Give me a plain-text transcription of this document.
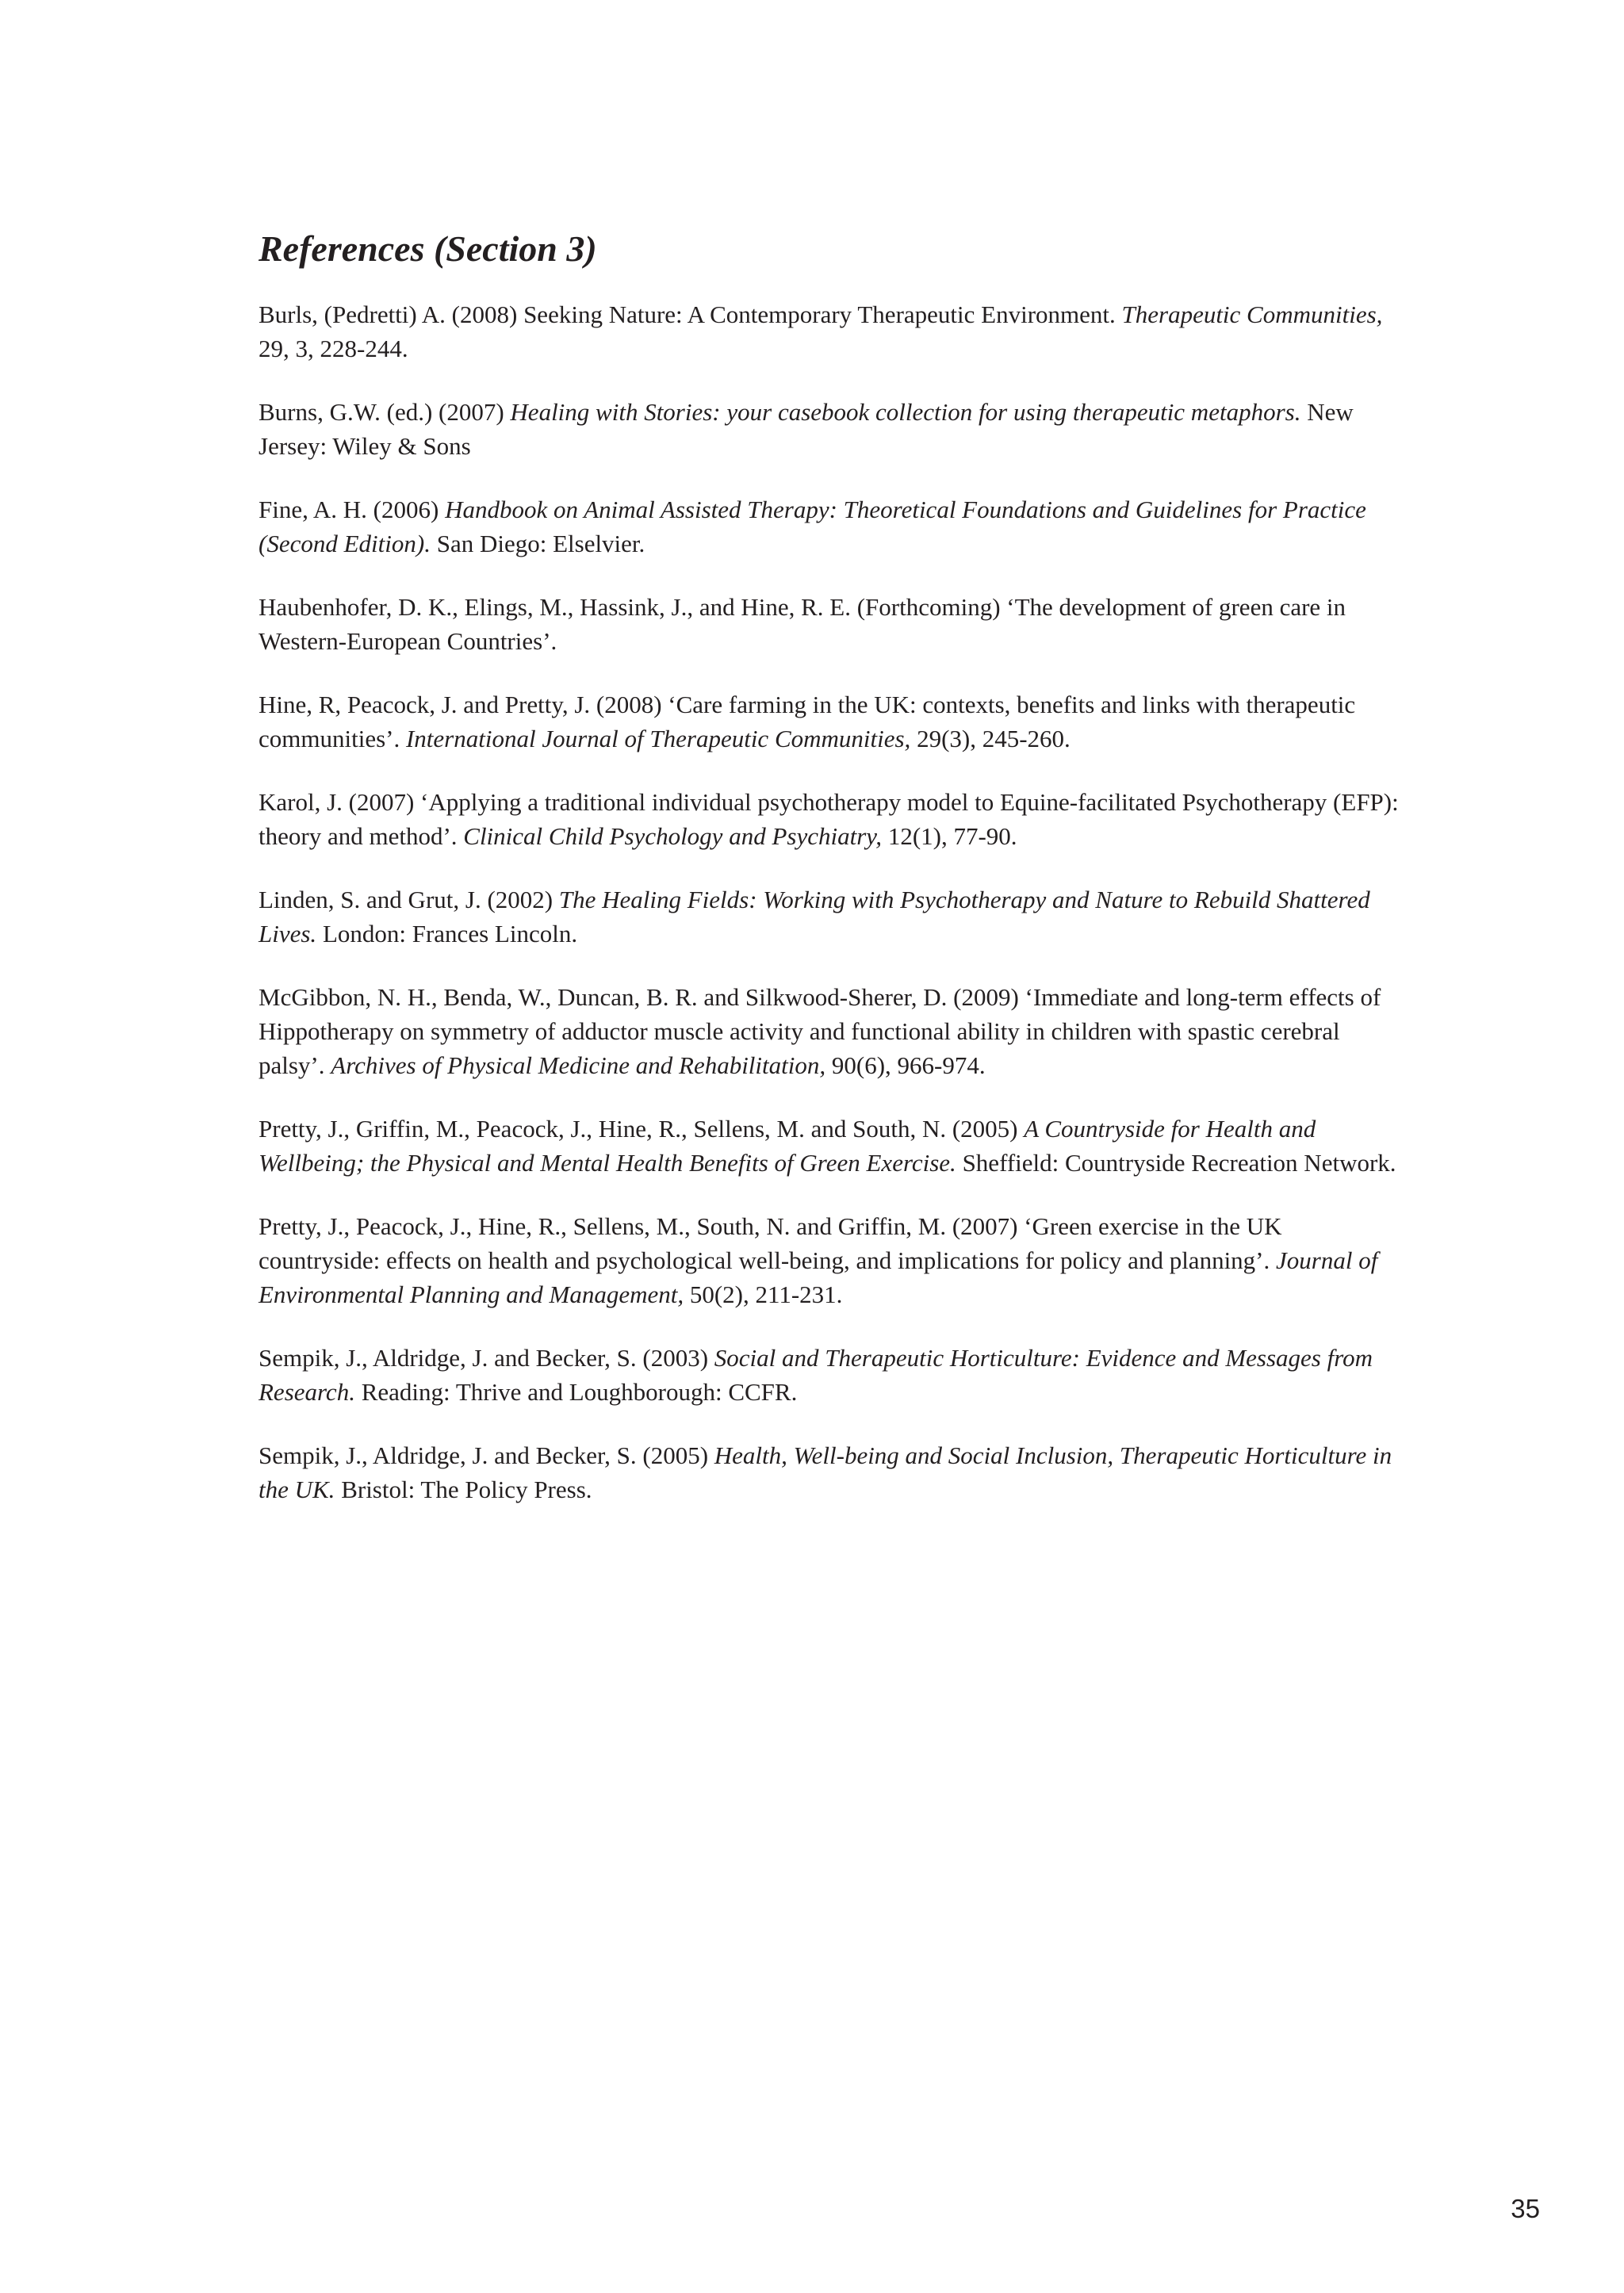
References (Section 3)
Burls, (Pedretti) A. (2008) Seeking Nature: A Contemporary Therapeutic Environment. Therapeutic Communities, 29, 3, 228-244.
Burns, G.W. (ed.) (2007) Healing with Stories: your casebook collection for using therapeutic metaphors. New Jersey: Wiley & Sons
Fine, A. H. (2006) Handbook on Animal Assisted Therapy: Theoretical Foundations and Guidelines for Practice (Second Edition). San Diego: Elselvier.
Haubenhofer, D. K., Elings, M., Hassink, J., and Hine, R. E. (Forthcoming) ‘The development of green care in Western-European Countries’.
Hine, R, Peacock, J. and Pretty, J. (2008) ‘Care farming in the UK: contexts, benefits and links with therapeutic communities’. International Journal of Therapeutic Communities, 29(3), 245-260.
Karol, J. (2007) ‘Applying a traditional individual psychotherapy model to Equine-facilitated Psychotherapy (EFP): theory and method’. Clinical Child Psychology and Psychiatry, 12(1), 77-90.
Linden, S. and Grut, J. (2002) The Healing Fields: Working with Psychotherapy and Nature to Rebuild Shattered Lives. London: Frances Lincoln.
McGibbon, N. H., Benda, W., Duncan, B. R. and Silkwood-Sherer, D. (2009) ‘Immediate and long-term effects of Hippotherapy on symmetry of adductor muscle activity and functional ability in children with spastic cerebral palsy’. Archives of Physical Medicine and Rehabilitation, 90(6), 966-974.
Pretty, J., Griffin, M., Peacock, J., Hine, R., Sellens, M. and South, N. (2005) A Countryside for Health and Wellbeing; the Physical and Mental Health Benefits of Green Exercise. Sheffield: Countryside Recreation Network.
Pretty, J., Peacock, J., Hine, R., Sellens, M., South, N. and Griffin, M. (2007) ‘Green exercise in the UK countryside: effects on health and psychological well-being, and implications for policy and planning’. Journal of Environmental Planning and Management, 50(2), 211-231.
Sempik, J., Aldridge, J. and Becker, S. (2003) Social and Therapeutic Horticulture: Evidence and Messages from Research. Reading: Thrive and Loughborough: CCFR.
Sempik, J., Aldridge, J. and Becker, S. (2005) Health, Well-being and Social Inclusion, Therapeutic Horticulture in the UK. Bristol: The Policy Press.
35
